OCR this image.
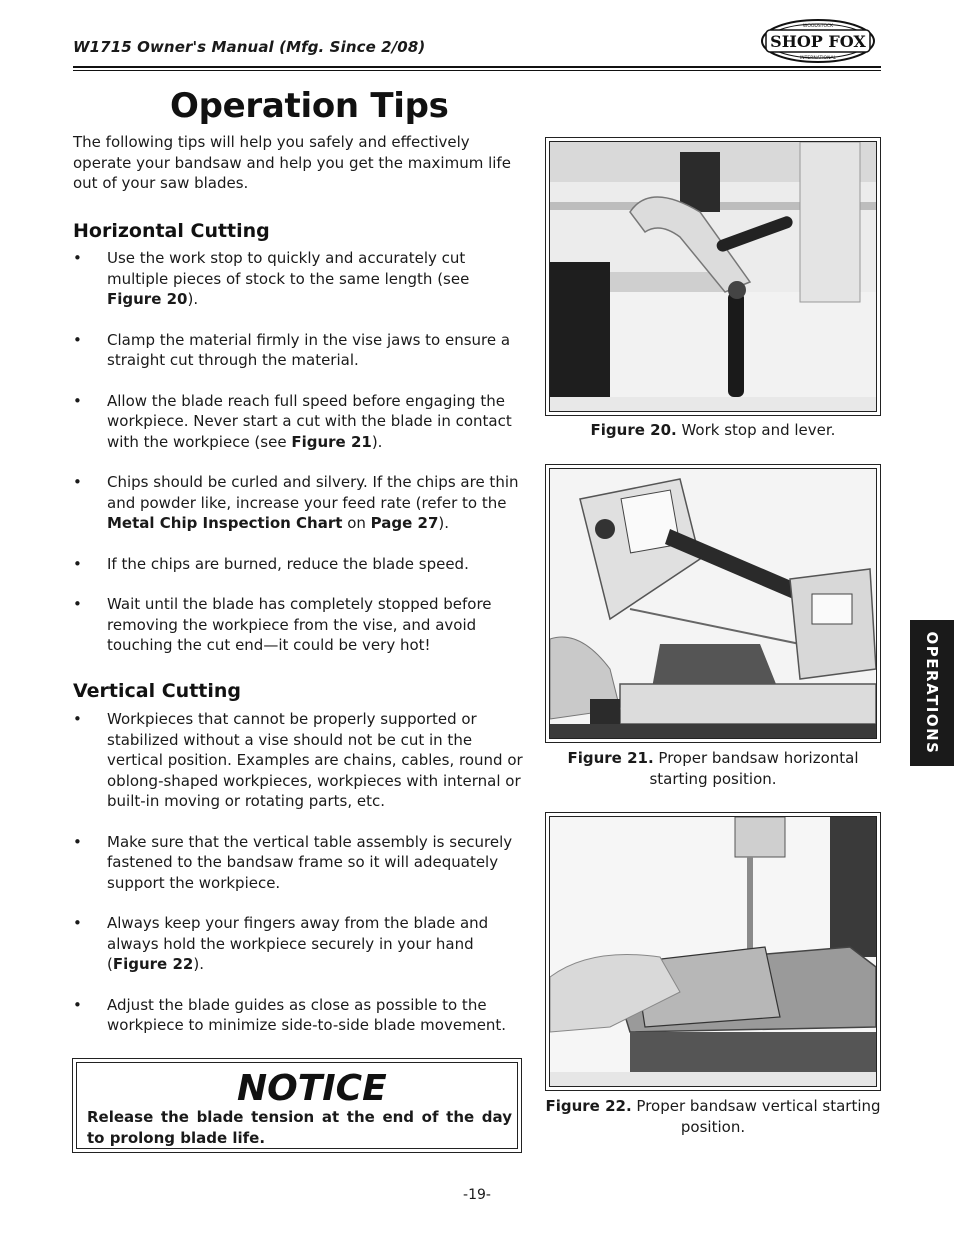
W1715 Owner's Manual (Mfg. Since 2/08)	SHOP FOX
WOODSTOCK
INTERNATIONAL
Operation Tips

The following tips will help you safely and effectively operate your bandsaw and help you get the maximum life out of your saw blades.

Horizontal Cutting
• Use the work stop to quickly and accurately cut multiple pieces of stock to the same length (see Figure 20).
• Clamp the material firmly in the vise jaws to ensure a straight cut through the material.
• Allow the blade reach full speed before engaging the workpiece. Never start a cut with the blade in contact with the workpiece (see Figure 21).
• Chips should be curled and silvery. If the chips are thin and powder like, increase your feed rate (refer to the Metal Chip Inspection Chart on Page 27).
• If the chips are burned, reduce the blade speed.
• Wait until the blade has completely stopped before removing the workpiece from the vise, and avoid touching the cut end—it could be very hot!
Vertical Cutting
• Workpieces that cannot be properly supported or stabilized without a vise should not be cut in the vertical position. Examples are chains, cables, round or oblong-shaped workpieces, workpieces with internal or built-in moving or rotating parts, etc.
• Make sure that the vertical table assembly is securely fastened to the bandsaw frame so it will adequately support the workpiece.
• Always keep your fingers away from the blade and always hold the workpiece securely in your hand (Figure 22).
• Adjust the blade guides as close as possible to the workpiece to minimize side-to-side blade movement.
NOTICE
Release the blade tension at the end of the day to prolong blade life.
Figure 20. Work stop and lever.
Figure 21. Proper bandsaw horizontal starting position.
Figure 22. Proper bandsaw vertical starting position.
OPERATIONS
-19-
